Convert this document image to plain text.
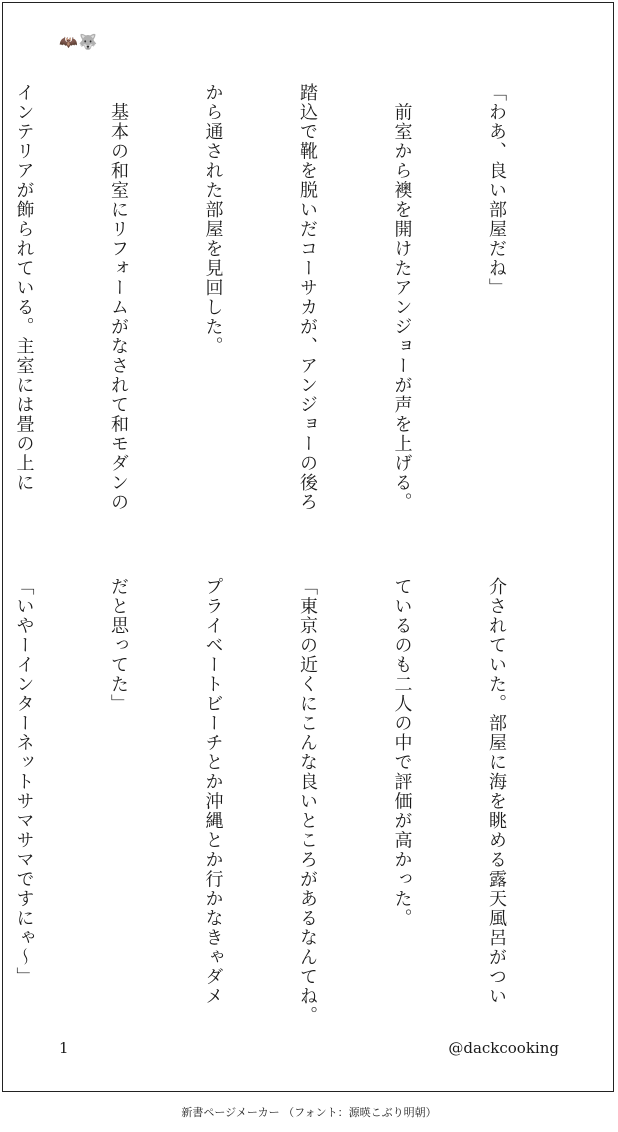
🦇🐺

「わあ、良い部屋だね」

　前室から襖を開けたアンジョーが声を上げる。

踏込で靴を脱いだコーサカが、アンジョーの後ろ

から通された部屋を見回した。

　基本の和室にリフォームがなされて和モダンの

インテリアが飾られている。主室には畳の上に

介されていた。部屋に海を眺める露天風呂がつい

ているのも二人の中で評価が高かった。

「東京の近くにこんな良いところがあるなんてね。

プライベートビーチとか沖縄とか行かなきゃダメ

だと思ってた」

「いやーインターネットサマサマですにゃ～」

1	@dackcooking
新書ページメーカー （フォント：源暎こぶり明朝）
